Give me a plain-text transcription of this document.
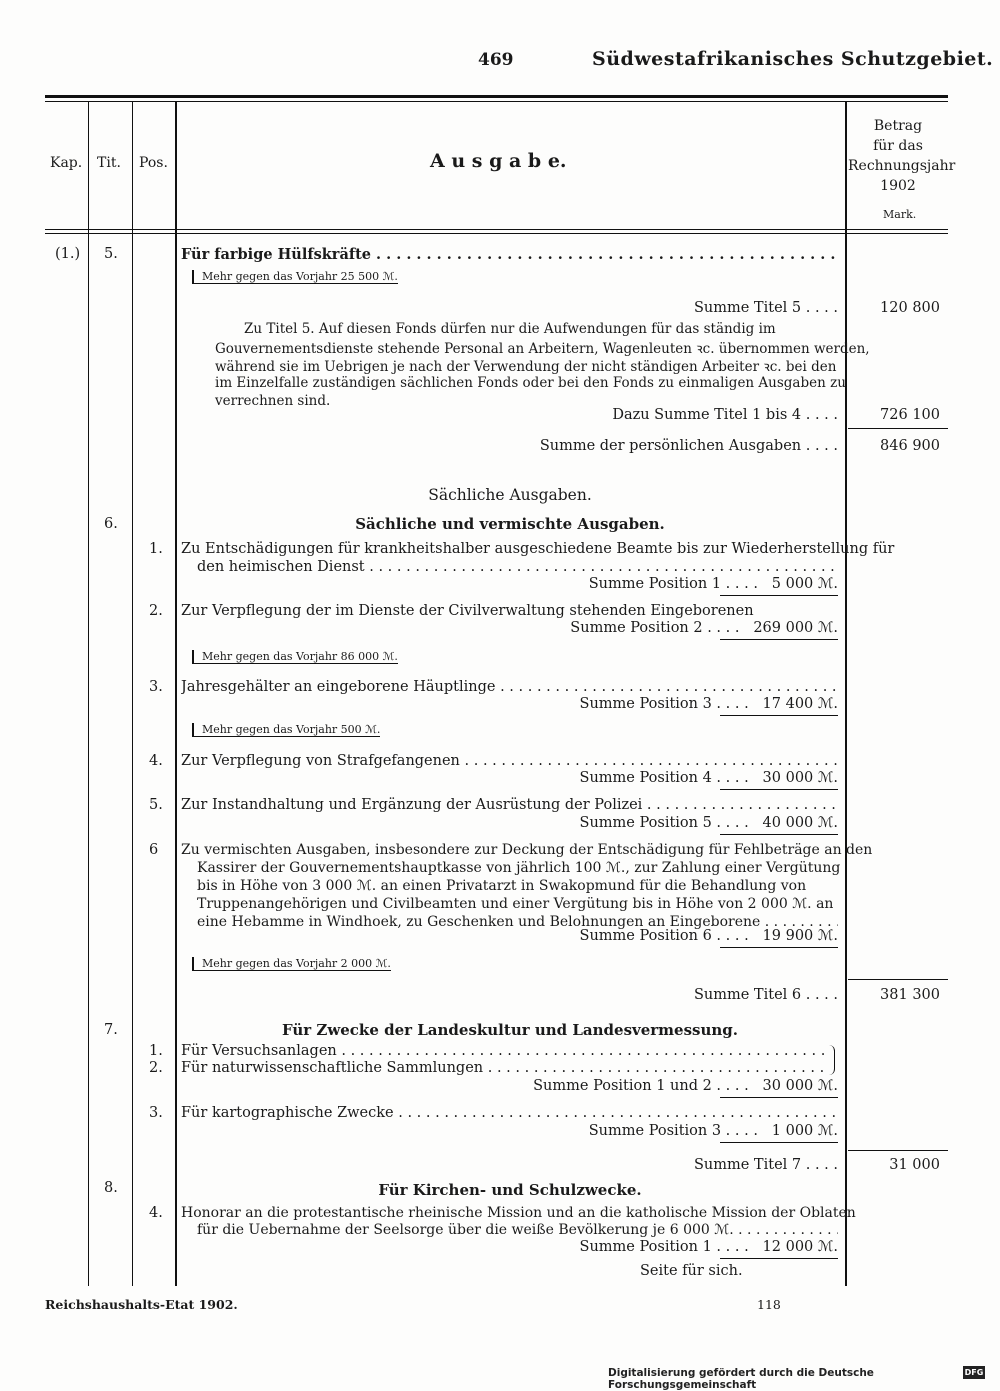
469	Südwestafrikanisches Schutzgebiet.
Kap. Tit. Pos.	A u s g a b e.
Betrag
für das
Rechnungsjahr
1902
Mark.
(1.) 5.	Für farbige Hülfskräfte . . .
Mehr gegen das Vorjahr 25 500 ℳ.
Summe Titel 5 . . . .	120 800
Zu Titel 5. Auf diesen Fonds dürfen nur die Aufwendungen für das ständig im
Gouvernementsdienste stehende Personal an Arbeitern, Wagenleuten ꝛc. übernommen werden,
während sie im Uebrigen je nach der Verwendung der nicht ständigen Arbeiter ꝛc. bei den
im Einzelfalle zuständigen sächlichen Fonds oder bei den Fonds zu einmaligen Ausgaben zu
verrechnen sind.
Dazu Summe Titel 1 bis 4 . . . .	726 100
Summe der persönlichen Ausgaben . . . .	846 900
Sächliche Ausgaben.
6.	Sächliche und vermischte Ausgaben.
1. Zu Entschädigungen für krankheitshalber ausgeschiedene Beamte bis zur Wiederherstellung für
den heimischen Dienst . . .
Summe Position 1 . . . . 5 000 ℳ.
2. Zur Verpflegung der im Dienste der Civilverwaltung stehenden Eingeborenen
Summe Position 2 . . . . 269 000 ℳ.
Mehr gegen das Vorjahr 86 000 ℳ.
3. Jahresgehälter an eingeborene Häuptlinge . . .
Summe Position 3 . . . . 17 400 ℳ.
Mehr gegen das Vorjahr 500 ℳ.
4. Zur Verpflegung von Strafgefangenen . . .
Summe Position 4 . . . . 30 000 ℳ.
5. Zur Instandhaltung und Ergänzung der Ausrüstung der Polizei . . .
Summe Position 5 . . . . 40 000 ℳ.
6 Zu vermischten Ausgaben, insbesondere zur Deckung der Entschädigung für Fehlbeträge an den
Kassirer der Gouvernementshauptkasse von jährlich 100 ℳ., zur Zahlung einer Vergütung
bis in Höhe von 3 000 ℳ. an einen Privatarzt in Swakopmund für die Behandlung von
Truppenangehörigen und Civilbeamten und einer Vergütung bis in Höhe von 2 000 ℳ. an
eine Hebamme in Windhoek, zu Geschenken und Belohnungen an Eingeborene . . .
Summe Position 6 . . . . 19 900 ℳ.
Mehr gegen das Vorjahr 2 000 ℳ.
Summe Titel 6 . . . .	381 300
7.	Für Zwecke der Landeskultur und Landesvermessung.
1. Für Versuchsanlagen . . .
2. Für naturwissenschaftliche Sammlungen . . .
Summe Position 1 und 2 . . . . 30 000 ℳ.
3. Für kartographische Zwecke . . .
Summe Position 3 . . . . 1 000 ℳ.
Summe Titel 7 . . . .	31 000
8.	Für Kirchen- und Schulzwecke.
4. Honorar an die protestantische rheinische Mission und an die katholische Mission der Oblaten
für die Uebernahme der Seelsorge über die weiße Bevölkerung je 6 000 ℳ. . . .
Summe Position 1 . . . . 12 000 ℳ.
Seite für sich.
Reichshaushalts-Etat 1902.	118
Digitalisierung gefördert durch die Deutsche Forschungsgemeinschaft
DFG
